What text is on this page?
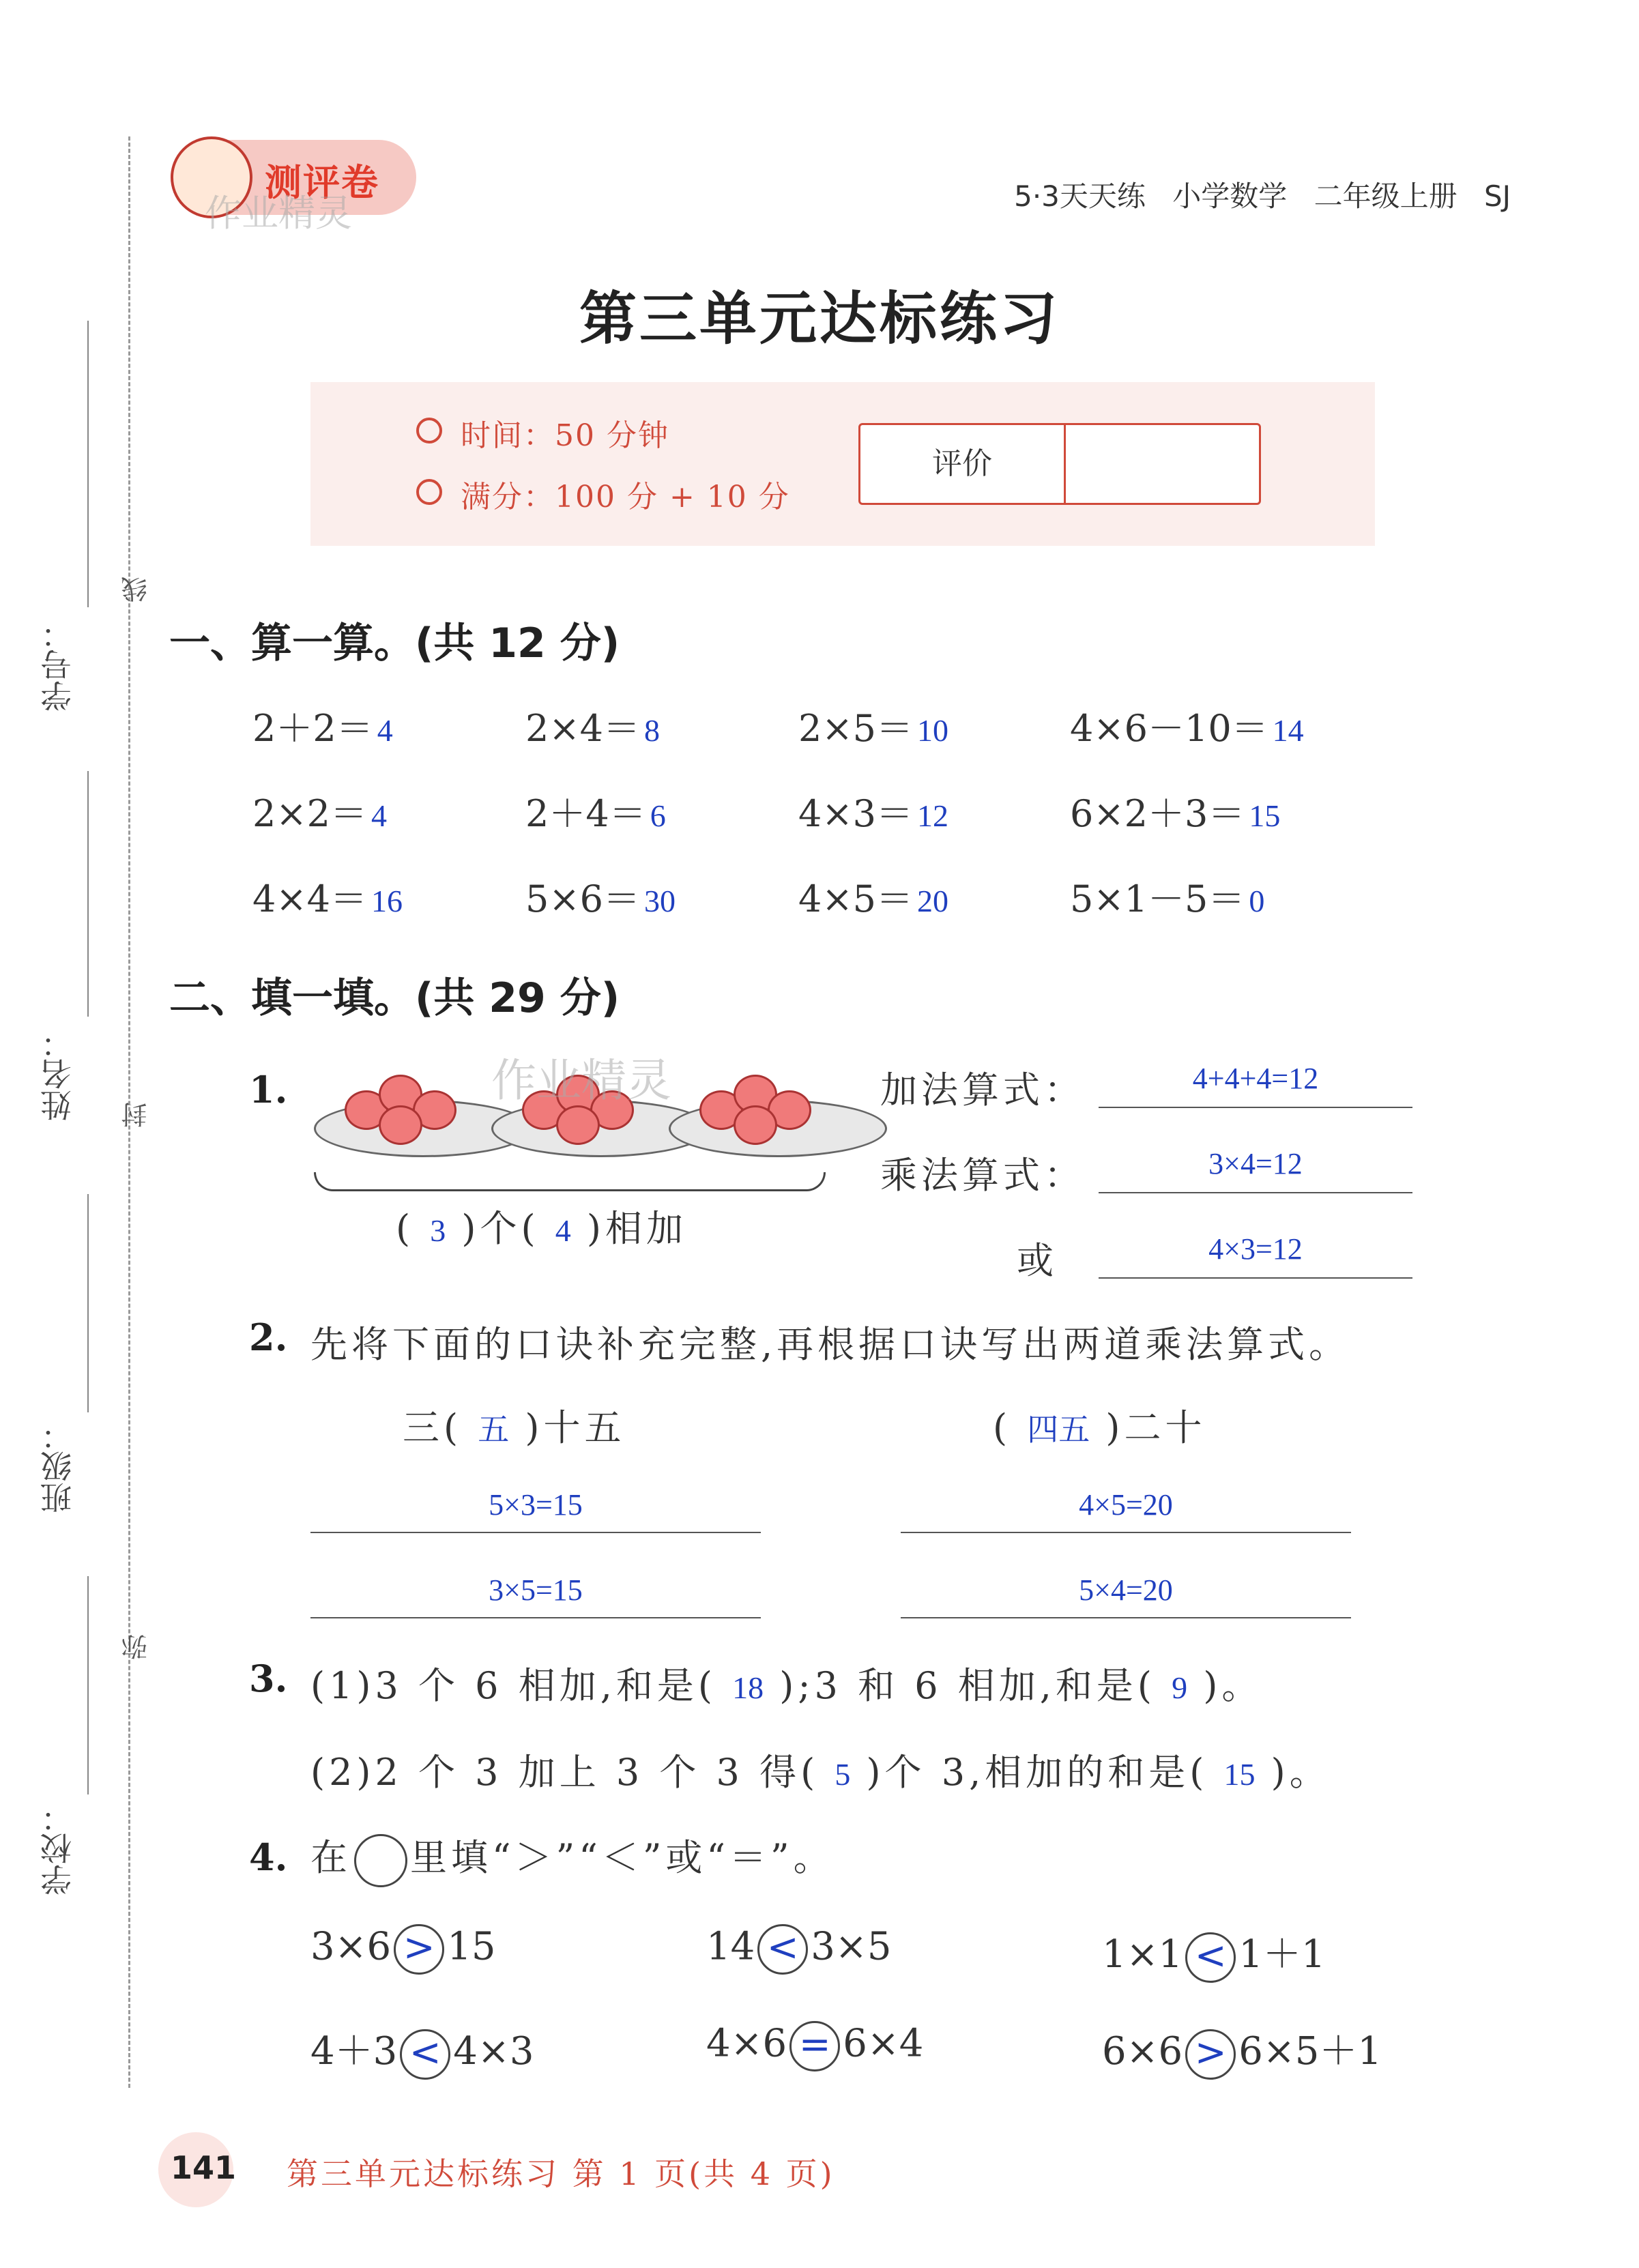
学校：
班级：
姓名：
学号：
线
封
弥
测评卷
作业精灵	5·3天天练 小学数学 二年级上册 SJ
第三单元达标练习
时间：50 分钟
满分：100 分 + 10 分
评价
一、算一算。(共 12 分)
2＋2＝ 4	2×4＝ 8	2×5＝ 10	4×6－10＝ 14
2×2＝ 4	2＋4＝ 6	4×3＝ 12	6×2＋3＝ 15
4×4＝ 16	5×6＝ 30	4×5＝ 20	5×1－5＝ 0
二、填一填。(共 29 分)
1.	作业精灵
( 3 )个( 4 )相加
加法算式：	4+4+4=12
乘法算式：	3×4=12
或	4×3=12
2. 先将下面的口诀补充完整,再根据口诀写出两道乘法算式。
三( 五 )十五	( 四五 )二十
5×3=15
3×5=15
4×5=20
5×4=20
3. (1)3 个 6 相加,和是( 18 );3 和 6 相加,和是( 9 )。
(2)2 个 3 加上 3 个 3 得( 5 )个 3,相加的和是( 15 )。
4. 在 里填“＞”“＜”或“＝”。
3×6 > 15	14 < 3×5	1×1 < 1＋1
4＋3 < 4×3	4×6 = 6×4	6×6 > 6×5＋1
141 第三单元达标练习 第 1 页(共 4 页)
